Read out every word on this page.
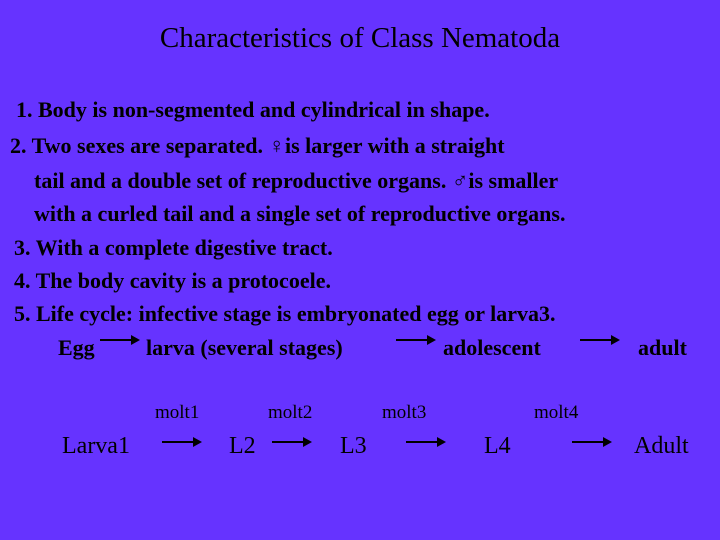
Characteristics of Class Nematoda
1. Body is non-segmented and cylindrical in shape.
2. Two sexes are separated. ♀is larger with a straight
tail and a double set of reproductive organs. ♂is smaller
with a curled tail and a single set of reproductive organs.
3. With a complete digestive tract.
4. The body cavity is a protocoele.
5. Life cycle: infective stage is embryonated egg or larva3.
Egg larva (several stages)	adolescent	adult
molt1	molt2	molt3	molt4
Larva1	L2	L3	L4	Adult
